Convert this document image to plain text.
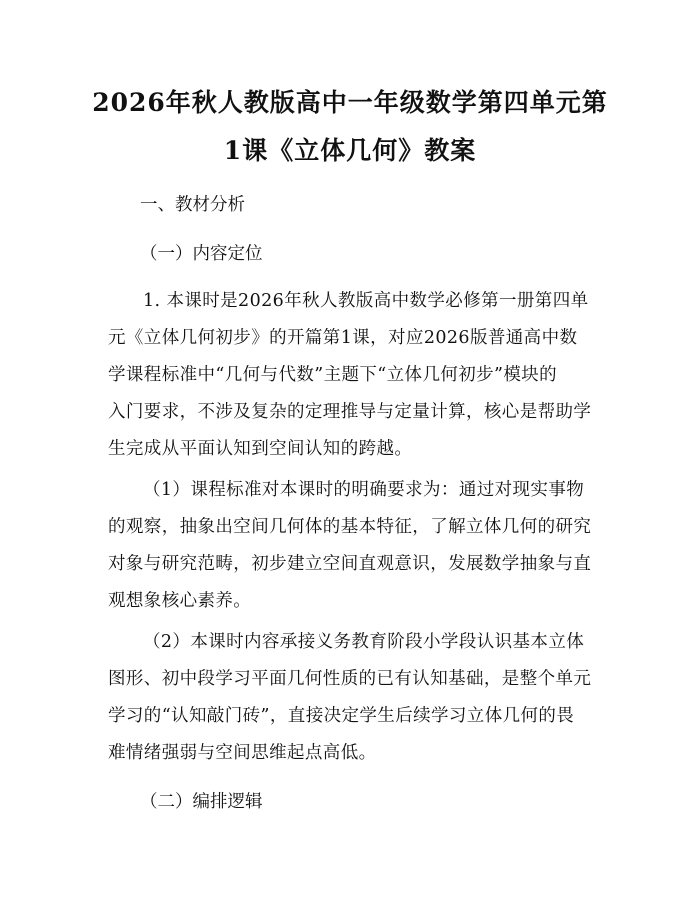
2026年秋人教版高中一年级数学第四单元第
1课《立体几何》教案
一、教材分析
（一）内容定位
1. 本课时是2026年秋人教版高中数学必修第一册第四单
元《立体几何初步》的开篇第1课，对应2026版普通高中数
学课程标准中“几何与代数”主题下“立体几何初步”模块的
入门要求，不涉及复杂的定理推导与定量计算，核心是帮助学
生完成从平面认知到空间认知的跨越。
（1）课程标准对本课时的明确要求为：通过对现实事物
的观察，抽象出空间几何体的基本特征，了解立体几何的研究
对象与研究范畴，初步建立空间直观意识，发展数学抽象与直
观想象核心素养。
（2）本课时内容承接义务教育阶段小学段认识基本立体
图形、初中段学习平面几何性质的已有认知基础，是整个单元
学习的“认知敲门砖”，直接决定学生后续学习立体几何的畏
难情绪强弱与空间思维起点高低。
（二）编排逻辑
